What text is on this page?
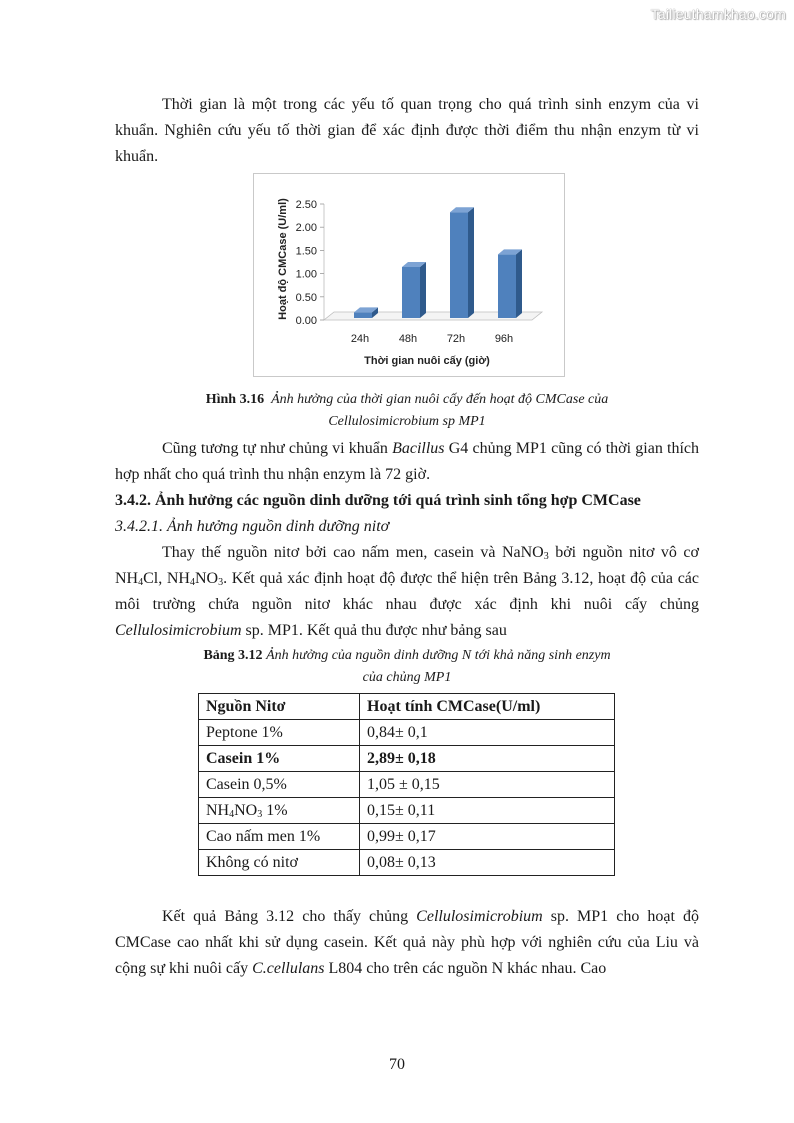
Tailieuthamkhao.com

Thời gian là một trong các yếu tố quan trọng cho quá trình sinh enzym của vi khuẩn. Nghiên cứu yếu tố thời gian để xác định được thời điểm thu nhận enzym từ vi khuẩn.

0.00
0.50
1.00
1.50
2.00
2.50
24h	48h	72h	96h
Thời gian nuôi cấy (giờ)
Hoạt độ CMCase (U/ml)
Hình 3.16 Ảnh hưởng của thời gian nuôi cấy đến hoạt độ CMCase của
Cellulosimicrobium sp MP1

Cũng tương tự như chủng vi khuẩn Bacillus G4 chủng MP1 cũng có thời gian thích hợp nhất cho quá trình thu nhận enzym là 72 giờ.

3.4.2. Ảnh hưởng các nguồn dinh dưỡng tới quá trình sinh tổng hợp CMCase

3.4.2.1. Ảnh hưởng nguồn dinh dưỡng nitơ

Thay thế nguồn nitơ bởi cao nấm men, casein và NaNO$_3$ bởi nguồn nitơ vô cơ $NH_4Cl$, $NH_4NO_3$. Kết quả xác định hoạt độ được thể hiện trên Bảng 3.12, hoạt độ của các môi trường chứa nguồn nitơ khác nhau được xác định khi nuôi cấy chủng Cellulosimicrobium sp. MP1. Kết quả thu được như bảng sau

Bảng 3.12 Ảnh hưởng của nguồn dinh dưỡng N tới khả năng sinh enzym
của chủng MP1
Nguồn Nitơ	Hoạt tính CMCase(U/ml)
Peptone 1%	0,84± 0,1
Casein 1%	2,89± 0,18
Casein 0,5%	1,05 ± 0,15
$NH_4NO_3$ 1%	0,15± 0,11
Cao nấm men 1%	0,99± 0,17
Không có nitơ	0,08± 0,13

Kết quả Bảng 3.12 cho thấy chủng Cellulosimicrobium sp. MP1 cho hoạt độ CMCase cao nhất khi sử dụng casein. Kết quả này phù hợp với nghiên cứu của Liu và cộng sự khi nuôi cấy C.cellulans L804 cho trên các nguồn N khác nhau. Cao

70
